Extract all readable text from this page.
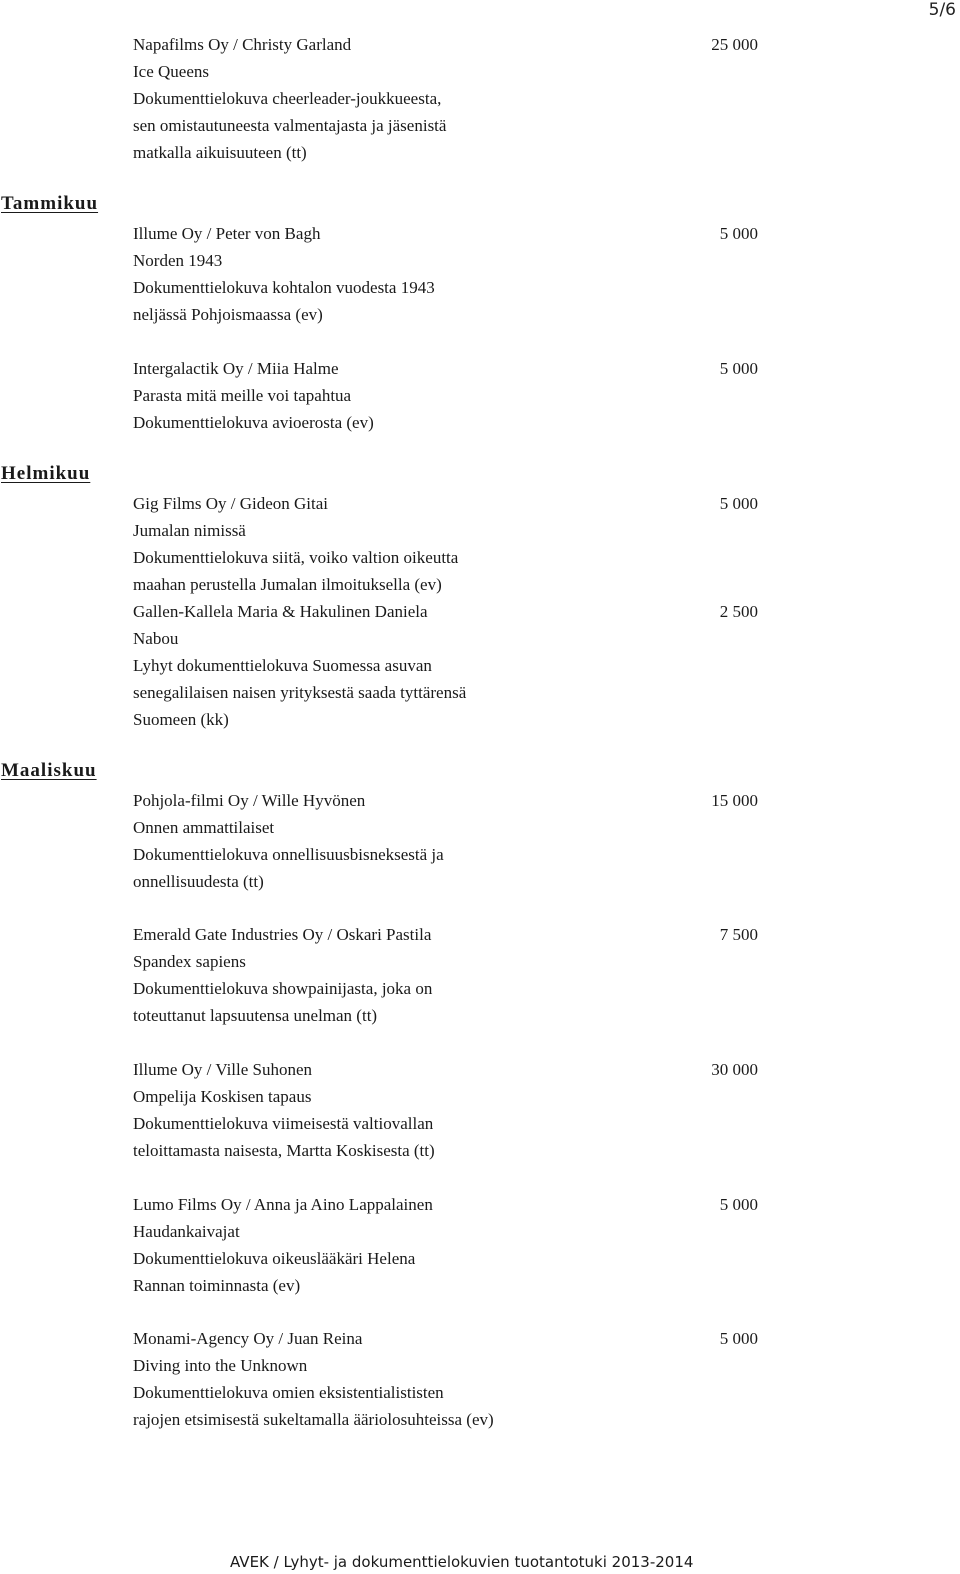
5/6
Napafilms Oy / Christy Garland	25 000
Ice Queens
Dokumenttielokuva cheerleader-joukkueesta,
sen omistautuneesta valmentajasta ja jäsenistä
matkalla aikuisuuteen (tt)
Tammikuu
Illume Oy / Peter von Bagh	5 000
Norden 1943
Dokumenttielokuva kohtalon vuodesta 1943
neljässä Pohjoismaassa (ev)
Intergalactik Oy / Miia Halme	5 000
Parasta mitä meille voi tapahtua
Dokumenttielokuva avioerosta (ev)
Helmikuu
Gig Films Oy / Gideon Gitai	5 000
Jumalan nimissä
Dokumenttielokuva siitä, voiko valtion oikeutta
maahan perustella Jumalan ilmoituksella (ev)
Gallen-Kallela Maria & Hakulinen Daniela	2 500
Nabou
Lyhyt dokumenttielokuva Suomessa asuvan
senegalilaisen naisen yrityksestä saada tyttärensä
Suomeen (kk)
Maaliskuu
Pohjola-filmi Oy / Wille Hyvönen	15 000
Onnen ammattilaiset
Dokumenttielokuva onnellisuusbisneksestä ja
onnellisuudesta (tt)
Emerald Gate Industries Oy / Oskari Pastila	7 500
Spandex sapiens
Dokumenttielokuva showpainijasta, joka on
toteuttanut lapsuutensa unelman (tt)
Illume Oy / Ville Suhonen	30 000
Ompelija Koskisen tapaus
Dokumenttielokuva viimeisestä valtiovallan
teloittamasta naisesta, Martta Koskisesta (tt)
Lumo Films Oy / Anna ja Aino Lappalainen	5 000
Haudankaivajat
Dokumenttielokuva oikeuslääkäri Helena
Rannan toiminnasta (ev)
Monami-Agency Oy / Juan Reina	5 000
Diving into the Unknown
Dokumenttielokuva omien eksistentialististen
rajojen etsimisestä sukeltamalla ääriolosuhteissa (ev)
AVEK / Lyhyt- ja dokumenttielokuvien tuotantotuki 2013-2014
